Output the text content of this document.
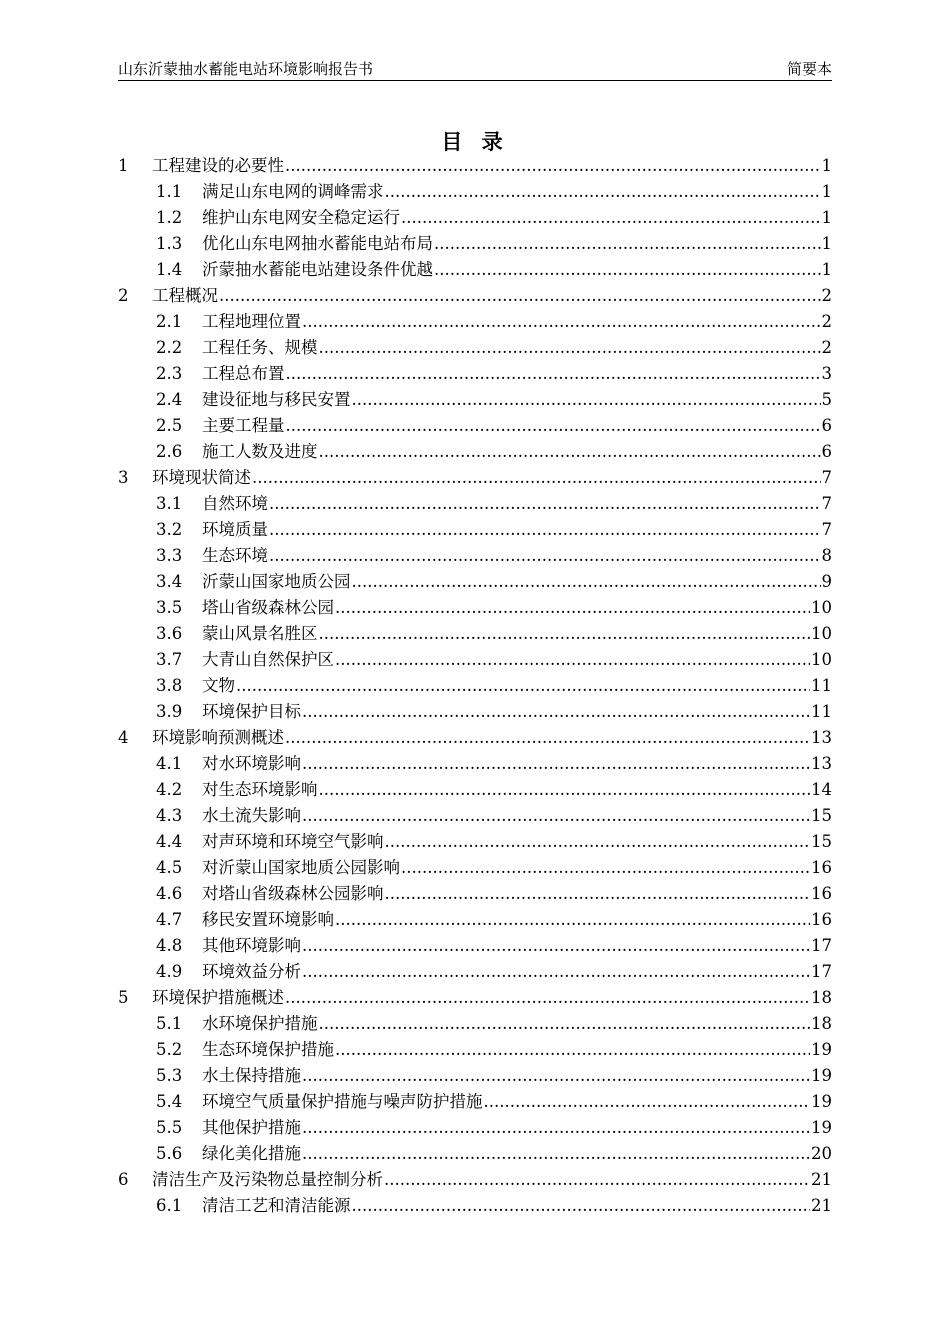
山东沂蒙抽水蓄能电站环境影响报告书	简要本
目 录
1	工程建设的必要性 .....	1
1.1	满足山东电网的调峰需求 .....	1
1.2	维护山东电网安全稳定运行 .....	1
1.3	优化山东电网抽水蓄能电站布局 .....	1
1.4	沂蒙抽水蓄能电站建设条件优越 .....	1
2	工程概况 .....	2
2.1	工程地理位置 .....	2
2.2	工程任务、规模 .....	2
2.3	工程总布置 .....	3
2.4	建设征地与移民安置 .....	5
2.5	主要工程量 .....	6
2.6	施工人数及进度 .....	6
3	环境现状简述 .....	7
3.1	自然环境 .....	7
3.2	环境质量 .....	7
3.3	生态环境 .....	8
3.4	沂蒙山国家地质公园 .....	9
3.5	塔山省级森林公园 .....	10
3.6	蒙山风景名胜区 .....	10
3.7	大青山自然保护区 .....	10
3.8	文物 .....	11
3.9	环境保护目标 .....	11
4	环境影响预测概述 .....	13
4.1	对水环境影响 .....	13
4.2	对生态环境影响 .....	14
4.3	水土流失影响 .....	15
4.4	对声环境和环境空气影响 .....	15
4.5	对沂蒙山国家地质公园影响 .....	16
4.6	对塔山省级森林公园影响 .....	16
4.7	移民安置环境影响 .....	16
4.8	其他环境影响 .....	17
4.9	环境效益分析 .....	17
5	环境保护措施概述 .....	18
5.1	水环境保护措施 .....	18
5.2	生态环境保护措施 .....	19
5.3	水土保持措施 .....	19
5.4	环境空气质量保护措施与噪声防护措施 .....	19
5.5	其他保护措施 .....	19
5.6	绿化美化措施 .....	20
6	清洁生产及污染物总量控制分析 .....	21
6.1	清洁工艺和清洁能源 .....	21
